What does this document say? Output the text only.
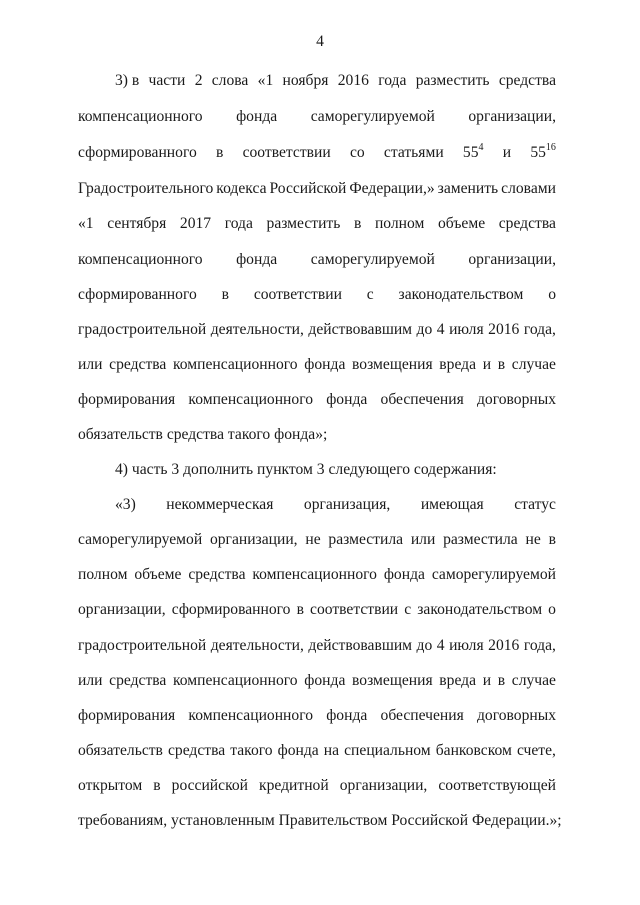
4
3) в части 2 слова «1 ноября 2016 года разместить средства
компенсационного фонда саморегулируемой организации,
сформированного в соответствии со статьями $55^4$ и $55^{16}$
Градостроительного кодекса Российской Федерации,» заменить словами
«1 сентября 2017 года разместить в полном объеме средства
компенсационного фонда саморегулируемой организации,
сформированного в соответствии с законодательством о
градостроительной деятельности, действовавшим до 4 июля 2016 года,
или средства компенсационного фонда возмещения вреда и в случае
формирования компенсационного фонда обеспечения договорных
обязательств средства такого фонда»;
4) часть 3 дополнить пунктом 3 следующего содержания:
«3) некоммерческая организация, имеющая статус
саморегулируемой организации, не разместила или разместила не в
полном объеме средства компенсационного фонда саморегулируемой
организации, сформированного в соответствии с законодательством о
градостроительной деятельности, действовавшим до 4 июля 2016 года,
или средства компенсационного фонда возмещения вреда и в случае
формирования компенсационного фонда обеспечения договорных
обязательств средства такого фонда на специальном банковском счете,
открытом в российской кредитной организации, соответствующей
требованиям, установленным Правительством Российской Федерации.»;
